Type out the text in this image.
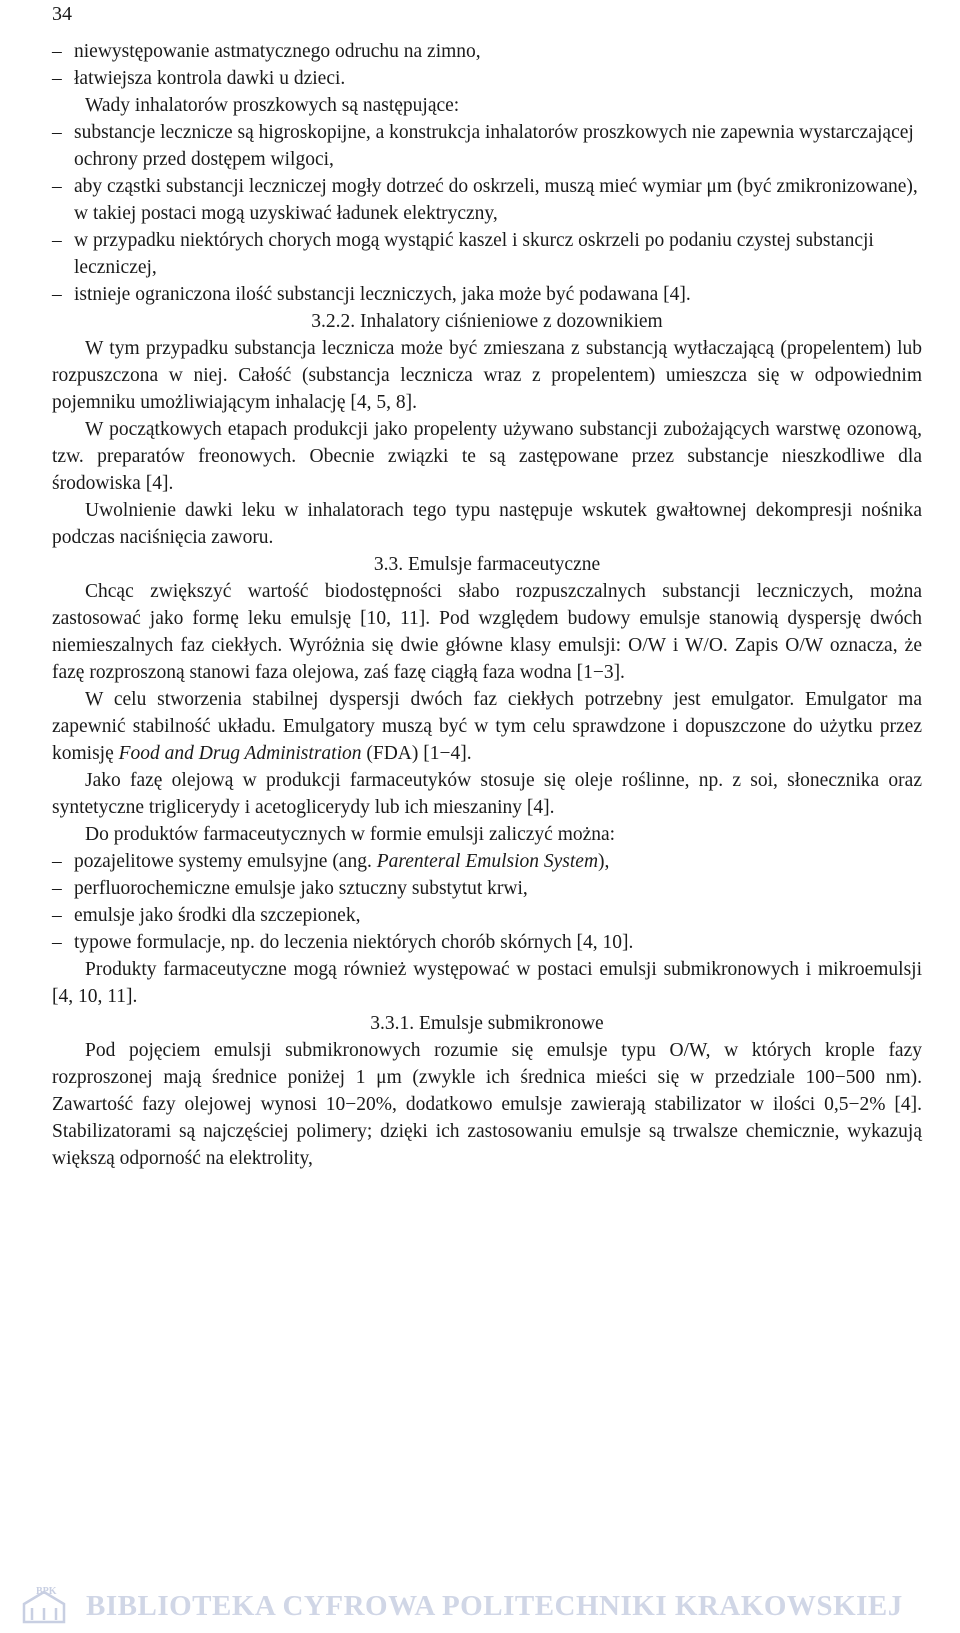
34
– niewystępowanie astmatycznego odruchu na zimno,
– łatwiejsza kontrola dawki u dzieci.

Wady inhalatorów proszkowych są następujące:

– substancje lecznicze są higroskopijne, a konstrukcja inhalatorów proszkowych nie zapewnia wystarczającej ochrony przed dostępem wilgoci,
– aby cząstki substancji leczniczej mogły dotrzeć do oskrzeli, muszą mieć wymiar μm (być zmikronizowane), w takiej postaci mogą uzyskiwać ładunek elektryczny,
– w przypadku niektórych chorych mogą wystąpić kaszel i skurcz oskrzeli po podaniu czystej substancji leczniczej,
– istnieje ograniczona ilość substancji leczniczych, jaka może być podawana [4].

3.2.2. Inhalatory ciśnieniowe z dozownikiem

W tym przypadku substancja lecznicza może być zmieszana z substancją wytłaczającą (propelentem) lub rozpuszczona w niej. Całość (substancja lecznicza wraz z propelentem) umieszcza się w odpowiednim pojemniku umożliwiającym inhalację [4, 5, 8].

W początkowych etapach produkcji jako propelenty używano substancji zubożających warstwę ozonową, tzw. preparatów freonowych. Obecnie związki te są zastępowane przez substancje nieszkodliwe dla środowiska [4].

Uwolnienie dawki leku w inhalatorach tego typu następuje wskutek gwałtownej dekompresji nośnika podczas naciśnięcia zaworu.

3.3. Emulsje farmaceutyczne

Chcąc zwiększyć wartość biodostępności słabo rozpuszczalnych substancji leczniczych, można zastosować jako formę leku emulsję [10, 11]. Pod względem budowy emulsje stanowią dyspersję dwóch niemieszalnych faz ciekłych. Wyróżnia się dwie główne klasy emulsji: O/W i W/O. Zapis O/W oznacza, że fazę rozproszoną stanowi faza olejowa, zaś fazę ciągłą faza wodna [1−3].

W celu stworzenia stabilnej dyspersji dwóch faz ciekłych potrzebny jest emulgator. Emulgator ma zapewnić stabilność układu. Emulgatory muszą być w tym celu sprawdzone i dopuszczone do użytku przez komisję Food and Drug Administration (FDA) [1−4].

Jako fazę olejową w produkcji farmaceutyków stosuje się oleje roślinne, np. z soi, słonecznika oraz syntetyczne triglicerydy i acetoglicerydy lub ich mieszaniny [4].

Do produktów farmaceutycznych w formie emulsji zaliczyć można:

– pozajelitowe systemy emulsyjne (ang. Parenteral Emulsion System),
– perfluorochemiczne emulsje jako sztuczny substytut krwi,
– emulsje jako środki dla szczepionek,
– typowe formulacje, np. do leczenia niektórych chorób skórnych [4, 10].

Produkty farmaceutyczne mogą również występować w postaci emulsji submikronowych i mikroemulsji [4, 10, 11].

3.3.1. Emulsje submikronowe

Pod pojęciem emulsji submikronowych rozumie się emulsje typu O/W, w których krople fazy rozproszonej mają średnice poniżej 1 μm (zwykle ich średnica mieści się w przedziale 100−500 nm). Zawartość fazy olejowej wynosi 10−20%, dodatkowo emulsje zawierają stabilizator w ilości 0,5−2% [4]. Stabilizatorami są najczęściej polimery; dzięki ich zastosowaniu emulsje są trwalsze chemicznie, wykazują większą odporność na elektrolity,

BPK BIBLIOTEKA CYFROWA POLITECHNIKI KRAKOWSKIEJ
